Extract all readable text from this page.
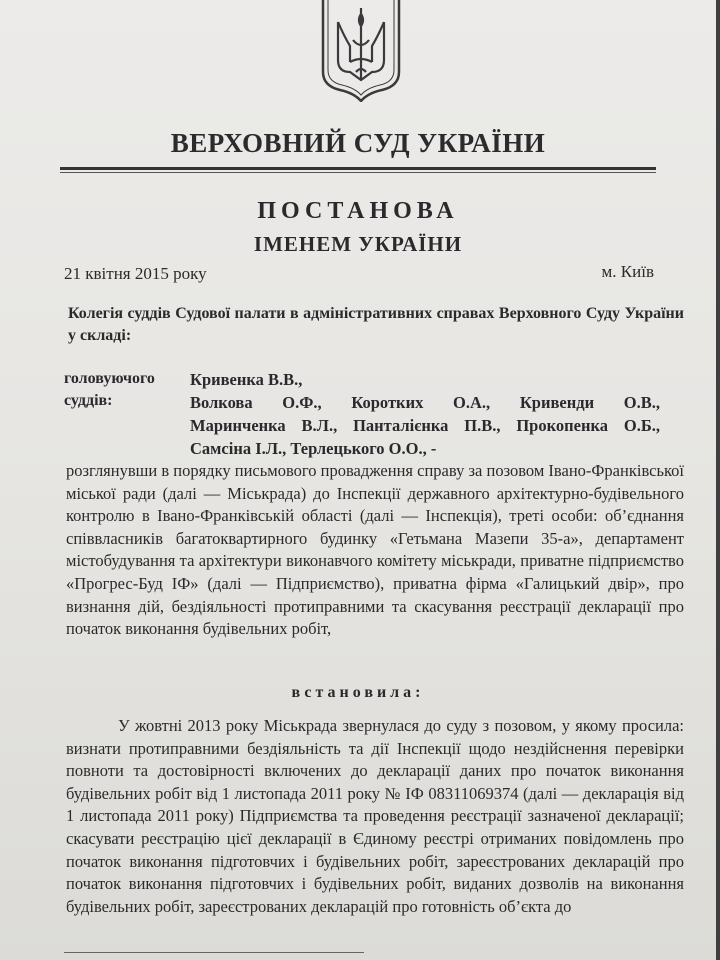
ВЕРХОВНИЙ СУД УКРАЇНИ
ПОСТАНОВА
ІМЕНЕМ УКРАЇНИ
21 квітня 2015 року	м. Київ
Колегія суддів Судової палати в адміністративних справах Верховного Суду України у складі:
головуючого
суддів:
Кривенка В.В.,
Волкова О.Ф., Коротких О.А., Кривенди О.В.,
Маринченка В.Л., Панталієнка П.В., Прокопенка О.Б.,
Самсіна І.Л., Терлецького О.О., -
розглянувши в порядку письмового провадження справу за позовом Івано-Франківської міської ради (далі — Міськрада) до Інспекції державного архітектурно-будівельного контролю в Івано-Франківській області (далі — Інспекція), треті особи: об’єднання співвласників багатоквартирного будинку «Гетьмана Мазепи 35-а», департамент містобудування та архітектури виконавчого комітету міськради, приватне підприємство «Прогрес-Буд ІФ» (далі — Підприємство), приватна фірма «Галицький двір», про визнання дій, бездіяльності протиправними та скасування реєстрації декларації про початок виконання будівельних робіт,
встановила:
У жовтні 2013 року Міськрада звернулася до суду з позовом, у якому просила: визнати протиправними бездіяльність та дії Інспекції щодо нездійснення перевірки повноти та достовірності включених до декларації даних про початок виконання будівельних робіт від 1 листопада 2011 року № ІФ 08311069374 (далі — декларація від 1 листопада 2011 року) Підприємства та проведення реєстрації зазначеної декларації; скасувати реєстрацію цієї декларації в Єдиному реєстрі отриманих повідомлень про початок виконання підготовчих і будівельних робіт, зареєстрованих декларацій про початок виконання підготовчих і будівельних робіт, виданих дозволів на виконання будівельних робіт, зареєстрованих декларацій про готовність об’єкта до
